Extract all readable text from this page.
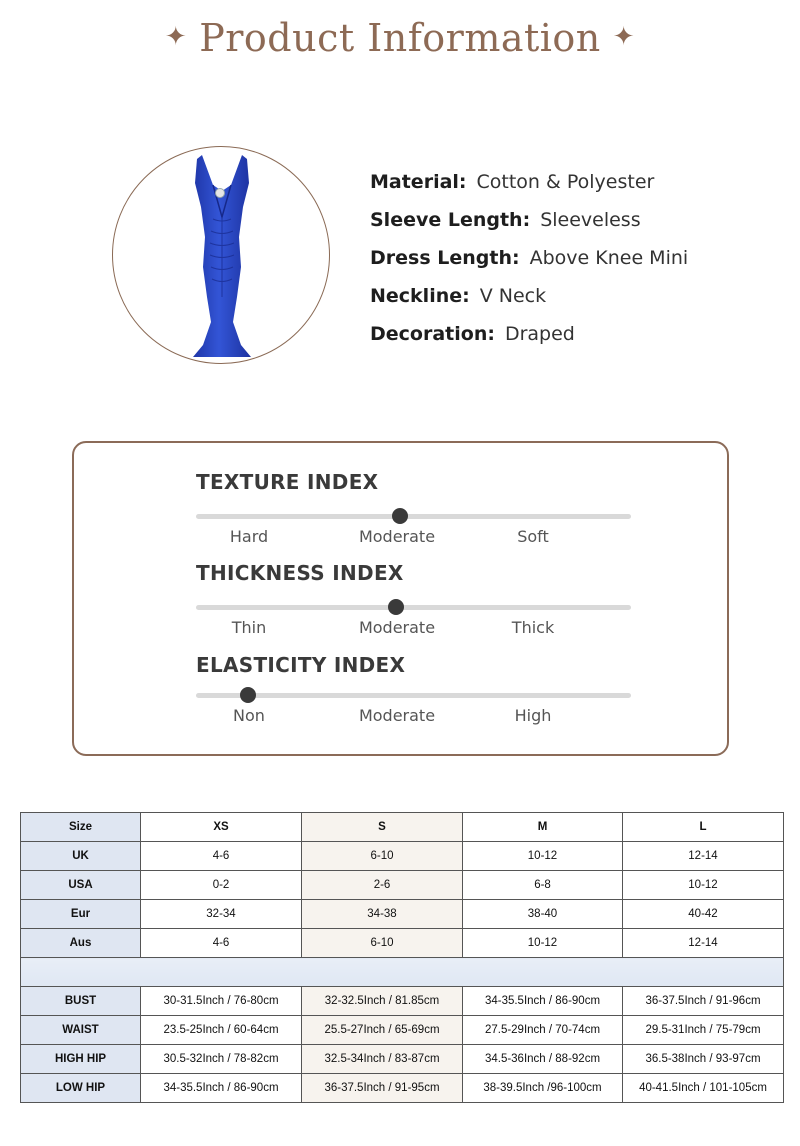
✦ Product Information ✦
Material: Cotton & Polyester
Sleeve Length: Sleeveless
Dress Length: Above Knee Mini
Neckline: V Neck
Decoration: Draped
TEXTURE INDEX
Hard	Moderate	Soft
THICKNESS INDEX
Thin	Moderate	Thick
ELASTICITY INDEX
Non	Moderate	High
Size	XS	S	M	L
UK	4-6	6-10	10-12	12-14
USA	0-2	2-6	6-8	10-12
Eur	32-34	34-38	38-40	40-42
Aus	4-6	6-10	10-12	12-14

BUST	30-31.5Inch / 76-80cm	32-32.5Inch / 81.85cm	34-35.5Inch / 86-90cm	36-37.5Inch / 91-96cm
WAIST	23.5-25Inch / 60-64cm	25.5-27Inch / 65-69cm	27.5-29Inch / 70-74cm	29.5-31Inch / 75-79cm
HIGH HIP	30.5-32Inch / 78-82cm	32.5-34Inch / 83-87cm	34.5-36Inch / 88-92cm	36.5-38Inch / 93-97cm
LOW HIP	34-35.5Inch / 86-90cm	36-37.5Inch / 91-95cm	38-39.5Inch /96-100cm	40-41.5Inch / 101-105cm
